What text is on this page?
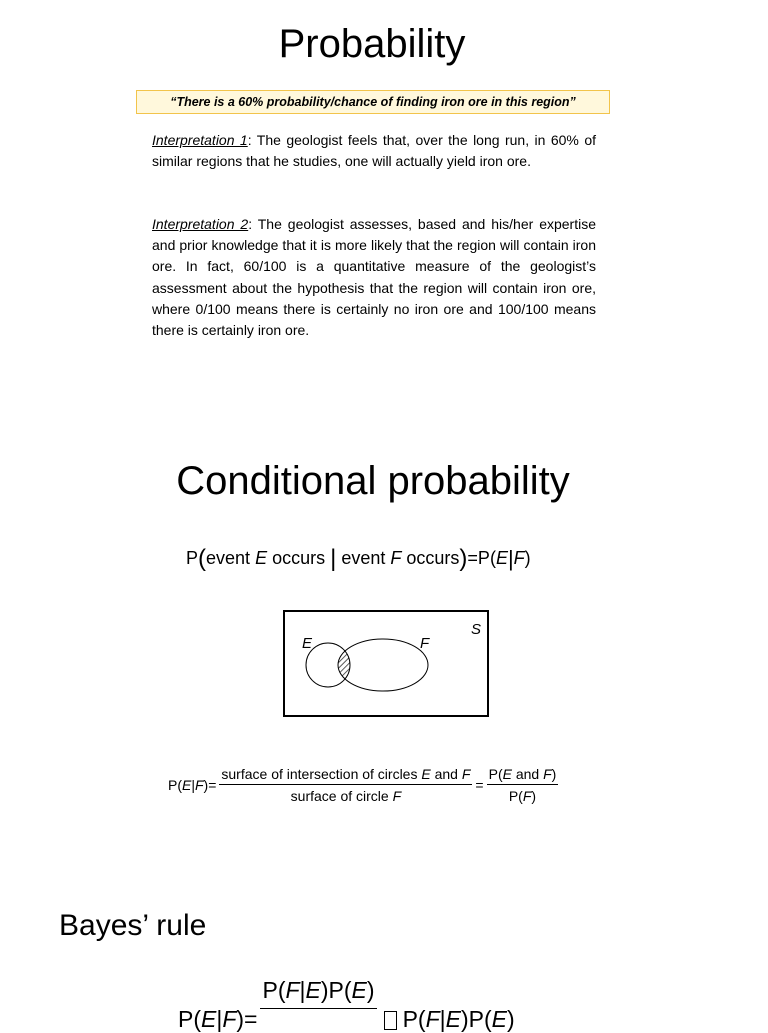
Probability
“There is a 60% probability/chance of finding iron ore in this region”
Interpretation 1: The geologist feels that, over the long run, in 60% of similar regions that he studies, one will actually yield iron ore.
Interpretation 2: The geologist assesses, based and his/her expertise and prior knowledge that it is more likely that the region will contain iron ore. In fact, 60/100 is a quantitative measure of the geologist’s assessment about the hypothesis that the region will contain iron ore, where 0/100 means there is certainly no iron ore and 100/100 means there is certainly iron ore.
Conditional probability
P(event E occurs | event F occurs)=P(E|F)
E	F
S
$P(E|F)= \frac{\text{surface of intersection of circles E and F}}{\text{surface of circle F}} = \frac{\text{P(E and F)}}{P(F)}$
Bayes’ rule
P(E|F)=
P(F|E)P(E)
P(F|E)P(E)
